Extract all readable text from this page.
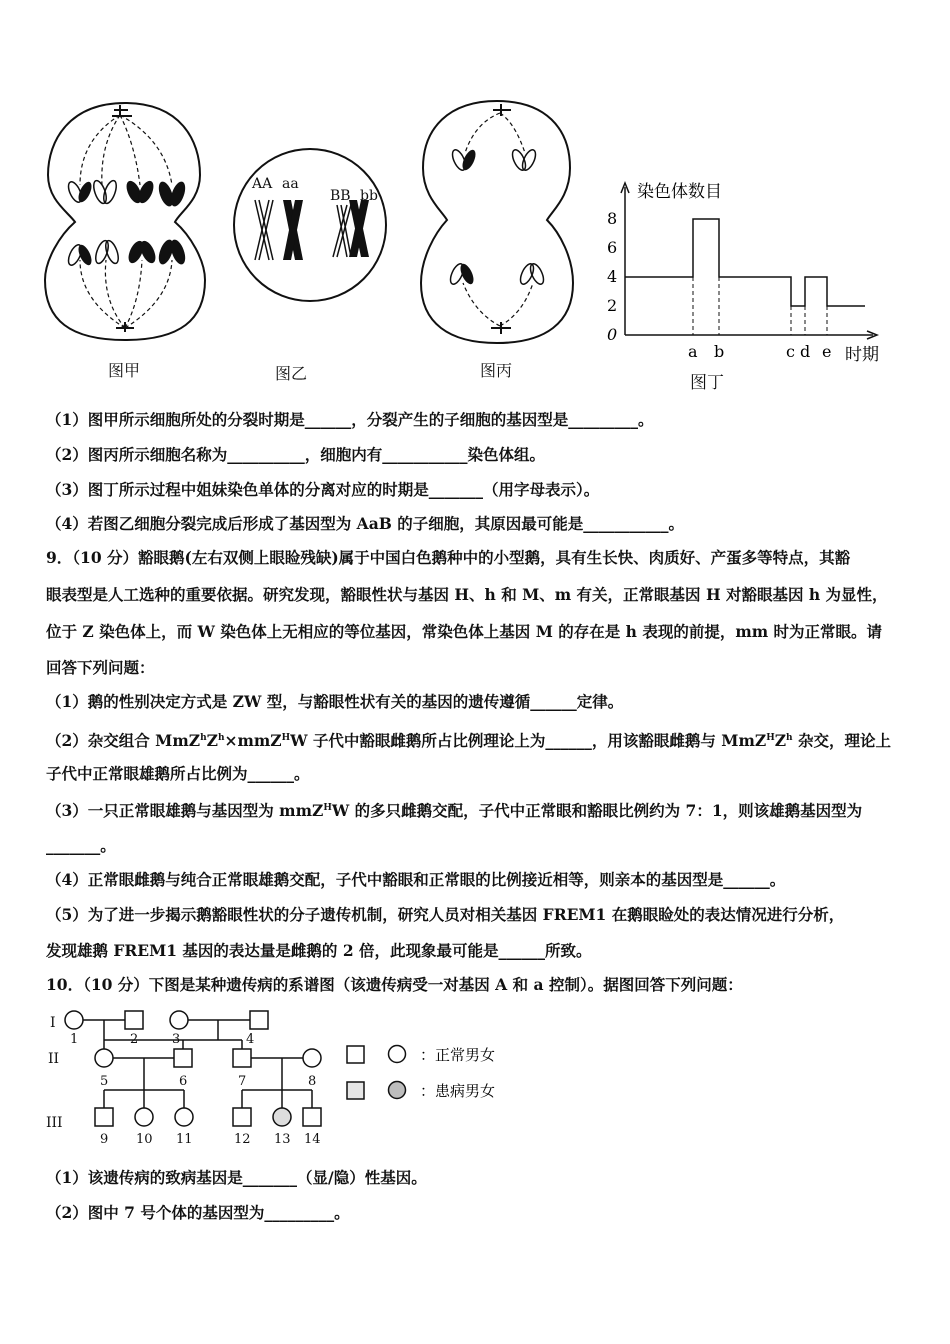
图甲
AA aa
BB bb
图乙	图丙
染色体数目
时期
8
6
4
2
0
a b	c d e
图丁
（1）图甲所示细胞所处的分裂时期是______，分裂产生的子细胞的基因型是_________。
（2）图丙所示细胞名称为__________，细胞内有___________染色体组。
（3）图丁所示过程中姐妹染色单体的分离对应的时期是_______（用字母表示）。
（4）若图乙细胞分裂完成后形成了基因型为 AaB 的子细胞，其原因最可能是___________。
9．（10 分）豁眼鹅(左右双侧上眼睑残缺)属于中国白色鹅种中的小型鹅，具有生长快、肉质好、产蛋多等特点，其豁
眼表型是人工选种的重要依据。研究发现，豁眼性状与基因 H、h 和 M、m 有关，正常眼基因 H 对豁眼基因 h 为显性，
位于 Z 染色体上，而 W 染色体上无相应的等位基因，常染色体上基因 M 的存在是 h 表现的前提，mm 时为正常眼。请
回答下列问题：
（1）鹅的性别决定方式是 ZW 型，与豁眼性状有关的基因的遗传遵循______定律。
（2）杂交组合 $MmZ^hZ^h\times mmZ^HW$ 子代中豁眼雌鹅所占比例理论上为______，用该豁眼雌鹅与 $MmZ^HZ^h$ 杂交，理论上
子代中正常眼雄鹅所占比例为______。
（3）一只正常眼雄鹅与基因型为 mmZ$^H$W 的多只雌鹅交配，子代中正常眼和豁眼比例约为 7：1，则该雄鹅基因型为
_______。
（4）正常眼雌鹅与纯合正常眼雄鹅交配，子代中豁眼和正常眼的比例接近相等，则亲本的基因型是______。
（5）为了进一步揭示鹅豁眼性状的分子遗传机制，研究人员对相关基因 FREM1 在鹅眼睑处的表达情况进行分析，
发现雄鹅 FREM1 基因的表达量是雌鹅的 2 倍，此现象最可能是______所致。
10．（10 分）下图是某种遗传病的系谱图（该遗传病受一对基因 A 和 a 控制）。据图回答下列问题：
I
II
III
1	2	3	4
5	6	7	8
9 10 11	12 13 14
：正常男女
：患病男女
（1）该遗传病的致病基因是_______（显/隐）性基因。
（2）图中 7 号个体的基因型为_________。
